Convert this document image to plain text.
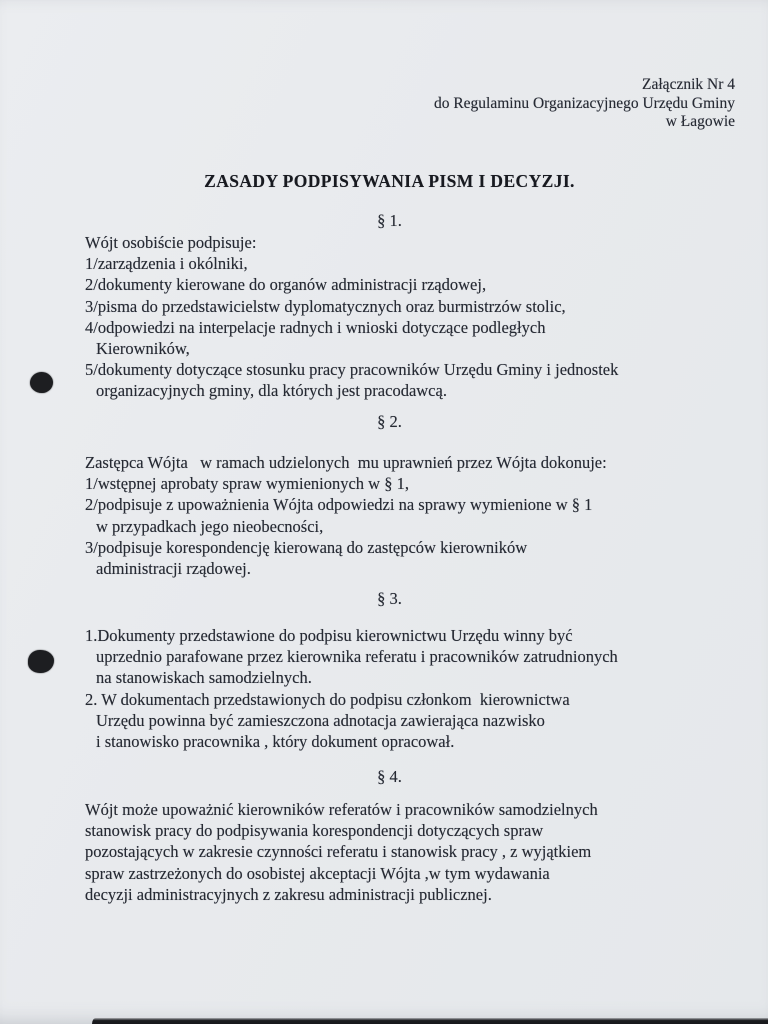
Załącznik Nr 4
do Regulaminu Organizacyjnego Urzędu Gminy
w Łagowie
ZASADY PODPISYWANIA PISM I DECYZJI.
§ 1.
Wójt osobiście podpisuje:
1/zarządzenia i okólniki,
2/dokumenty kierowane do organów administracji rządowej,
3/pisma do przedstawicielstw dyplomatycznych oraz burmistrzów stolic,
4/odpowiedzi na interpelacje radnych i wnioski dotyczące podległych
Kierowników,
5/dokumenty dotyczące stosunku pracy pracowników Urzędu Gminy i jednostek
organizacyjnych gminy, dla których jest pracodawcą.
§ 2.
Zastępca Wójta   w ramach udzielonych  mu uprawnień przez Wójta dokonuje:
1/wstępnej aprobaty spraw wymienionych w § 1,
2/podpisuje z upoważnienia Wójta odpowiedzi na sprawy wymienione w § 1
w przypadkach jego nieobecności,
3/podpisuje korespondencję kierowaną do zastępców kierowników
administracji rządowej.
§ 3.
1.Dokumenty przedstawione do podpisu kierownictwu Urzędu winny być
uprzednio parafowane przez kierownika referatu i pracowników zatrudnionych
na stanowiskach samodzielnych.
2. W dokumentach przedstawionych do podpisu członkom  kierownictwa
Urzędu powinna być zamieszczona adnotacja zawierająca nazwisko
i stanowisko pracownika , który dokument opracował.
§ 4.
Wójt może upoważnić kierowników referatów i pracowników samodzielnych
stanowisk pracy do podpisywania korespondencji dotyczących spraw
pozostających w zakresie czynności referatu i stanowisk pracy , z wyjątkiem
spraw zastrzeżonych do osobistej akceptacji Wójta ,w tym wydawania
decyzji administracyjnych z zakresu administracji publicznej.
